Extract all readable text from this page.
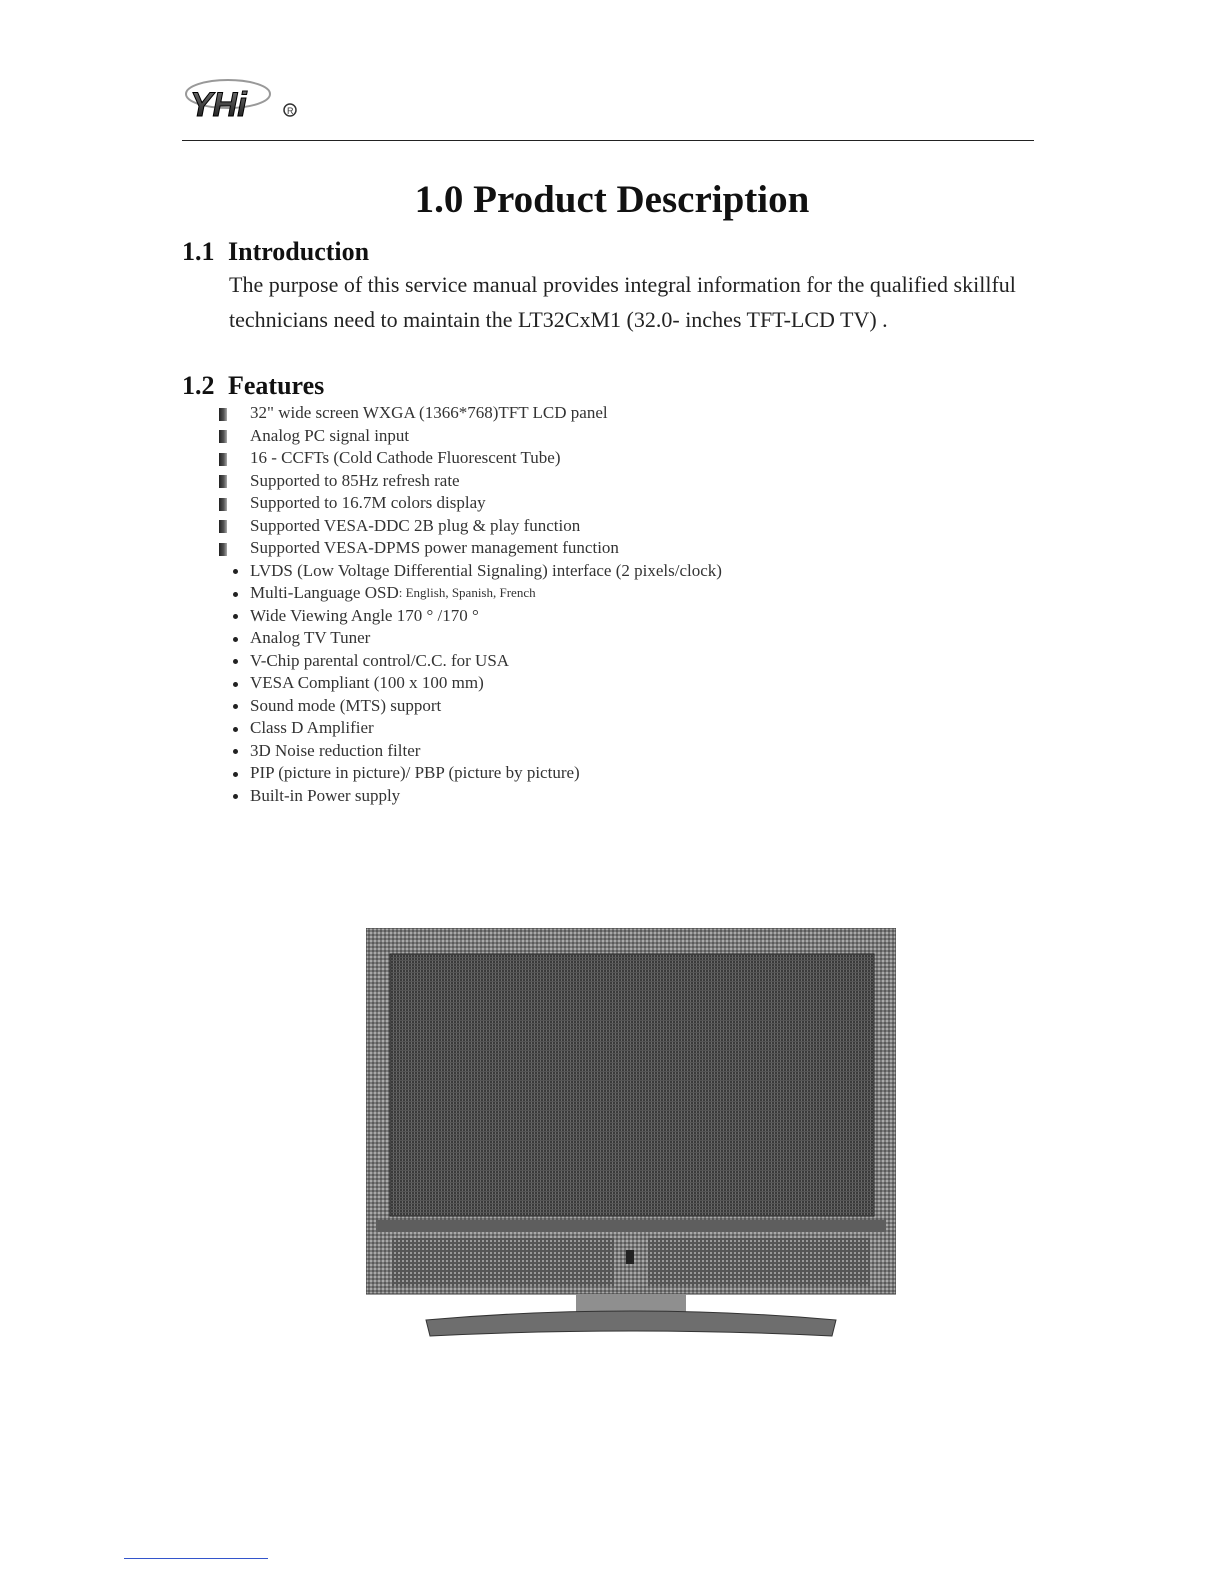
YHi	R
1.0 Product Description
1.1 Introduction

The purpose of this service manual provides integral information for the qualified skillful technicians need to maintain the LT32CxM1 (32.0- inches TFT-LCD TV) .

1.2 Features
32" wide screen WXGA (1366*768)TFT LCD panel
Analog PC signal input
16 - CCFTs (Cold Cathode Fluorescent Tube)
Supported to 85Hz refresh rate
Supported to 16.7M colors display
Supported VESA-DDC 2B plug & play function
Supported VESA-DPMS power management function
LVDS (Low Voltage Differential Signaling) interface (2 pixels/clock)
Multi-Language OSD : English, Spanish, French
Wide Viewing Angle 170 ° /170 °
Analog TV Tuner
V-Chip parental control/C.C. for USA
VESA Compliant (100 x 100 mm)
Sound mode (MTS) support
Class D Amplifier
3D Noise reduction filter
PIP (picture in picture)/ PBP (picture by picture)
Built-in Power supply
